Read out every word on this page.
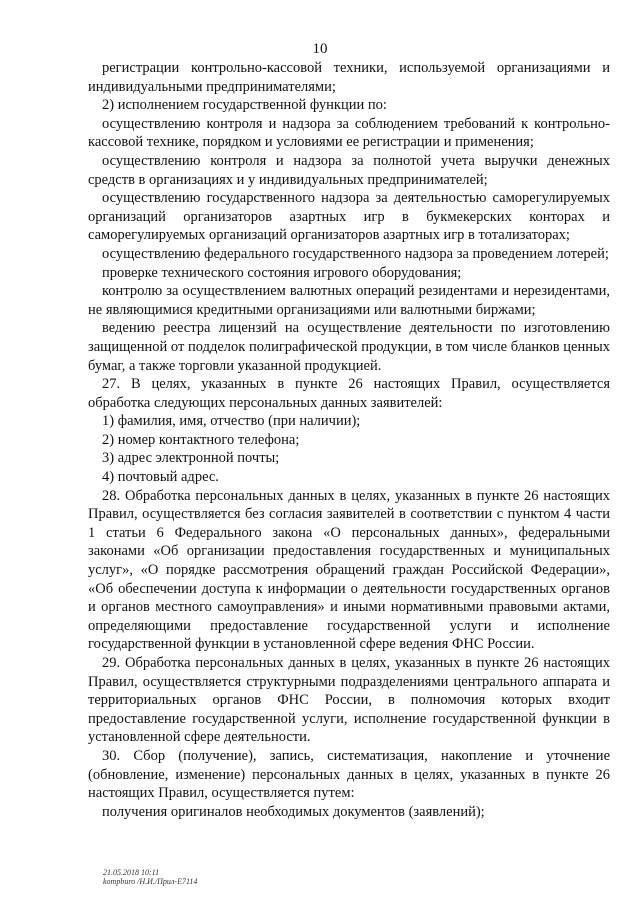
10

регистрации контрольно-кассовой техники, используемой организациями и индивидуальными предпринимателями;

2) исполнением государственной функции по:

осуществлению контроля и надзора за соблюдением требований к контрольно-кассовой технике, порядком и условиями ее регистрации и применения;

осуществлению контроля и надзора за полнотой учета выручки денежных средств в организациях и у индивидуальных предпринимателей;

осуществлению государственного надзора за деятельностью саморегулируемых организаций организаторов азартных игр в букмекерских конторах и саморегулируемых организаций организаторов азартных игр в тотализаторах;

осуществлению федерального государственного надзора за проведением лотерей;

проверке технического состояния игрового оборудования;

контролю за осуществлением валютных операций резидентами и нерезидентами, не являющимися кредитными организациями или валютными биржами;

ведению реестра лицензий на осуществление деятельности по изготовлению защищенной от подделок полиграфической продукции, в том числе бланков ценных бумаг, а также торговли указанной продукцией.

27. В целях, указанных в пункте 26 настоящих Правил, осуществляется обработка следующих персональных данных заявителей:

1) фамилия, имя, отчество (при наличии);

2) номер контактного телефона;

3) адрес электронной почты;

4) почтовый адрес.

28. Обработка персональных данных в целях, указанных в пункте 26 настоящих Правил, осуществляется без согласия заявителей в соответствии с пунктом 4 части 1 статьи 6 Федерального закона «О персональных данных», федеральными законами «Об организации предоставления государственных и муниципальных услуг», «О порядке рассмотрения обращений граждан Российской Федерации», «Об обеспечении доступа к информации о деятельности государственных органов и органов местного самоуправления» и иными нормативными правовыми актами, определяющими предоставление государственной услуги и исполнение государственной функции в установленной сфере ведения ФНС России.

29. Обработка персональных данных в целях, указанных в пункте 26 настоящих Правил, осуществляется структурными подразделениями центрального аппарата и территориальных органов ФНС России, в полномочия которых входит предоставление государственной услуги, исполнение государственной функции в установленной сфере деятельности.

30. Сбор (получение), запись, систематизация, накопление и уточнение (обновление, изменение) персональных данных в целях, указанных в пункте 26 настоящих Правил, осуществляется путем:

получения оригиналов необходимых документов (заявлений);

21.05.2018 10:11
kompburo /Н.И./Прил-Е7114
